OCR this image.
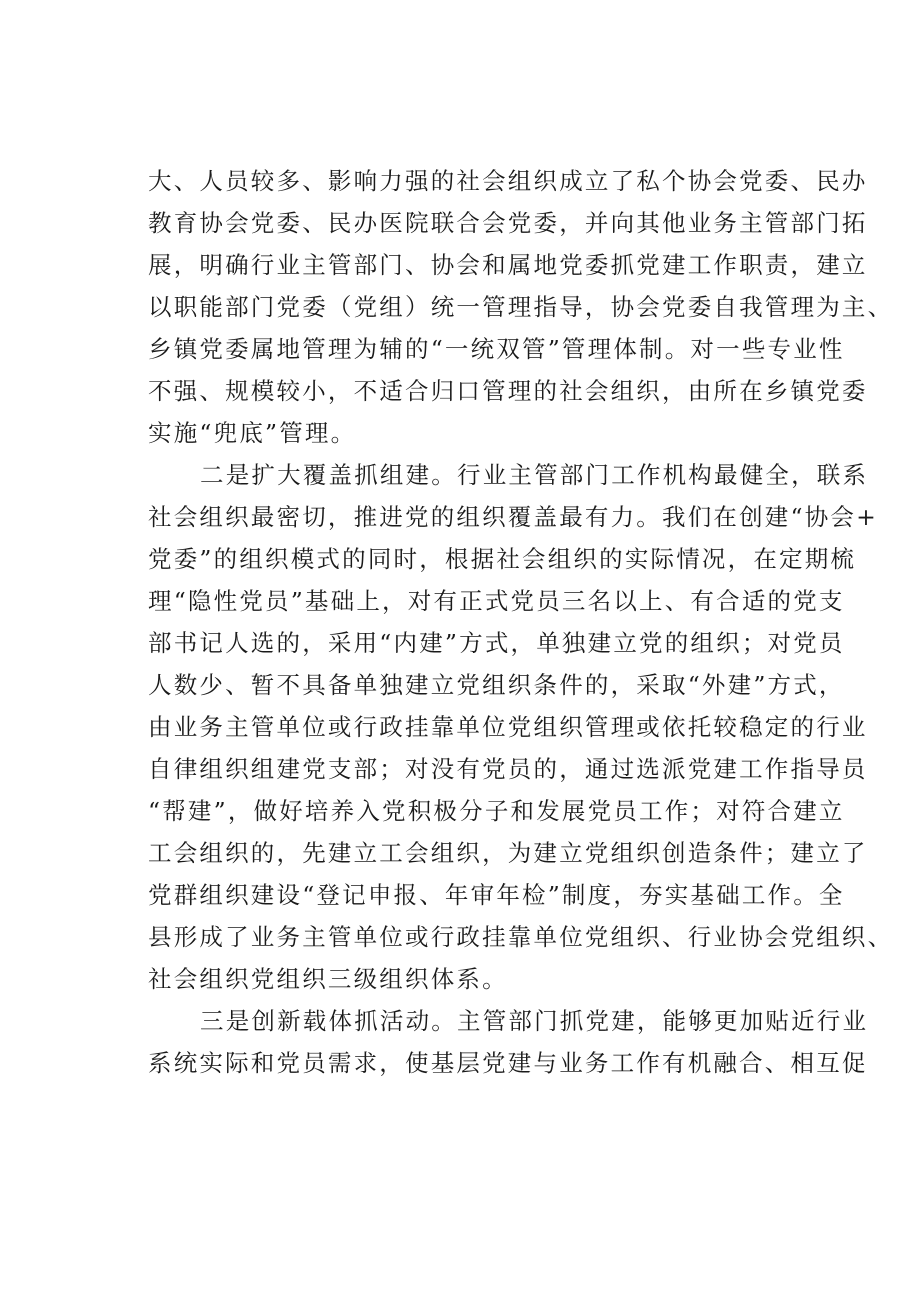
大、人员较多、影响力强的社会组织成立了私个协会党委、民办
教育协会党委、民办医院联合会党委，并向其他业务主管部门拓
展，明确行业主管部门、协会和属地党委抓党建工作职责，建立
以职能部门党委（党组）统一管理指导，协会党委自我管理为主、
乡镇党委属地管理为辅的“一统双管”管理体制。对一些专业性
不强、规模较小，不适合归口管理的社会组织，由所在乡镇党委
实施“兜底”管理。
二是扩大覆盖抓组建。行业主管部门工作机构最健全，联系
社会组织最密切，推进党的组织覆盖最有力。我们在创建“协会+
党委”的组织模式的同时，根据社会组织的实际情况，在定期梳
理“隐性党员”基础上，对有正式党员三名以上、有合适的党支
部书记人选的，采用“内建”方式，单独建立党的组织；对党员
人数少、暂不具备单独建立党组织条件的，采取“外建”方式，
由业务主管单位或行政挂靠单位党组织管理或依托较稳定的行业
自律组织组建党支部；对没有党员的，通过选派党建工作指导员
“帮建”，做好培养入党积极分子和发展党员工作；对符合建立
工会组织的，先建立工会组织，为建立党组织创造条件；建立了
党群组织建设“登记申报、年审年检”制度，夯实基础工作。全
县形成了业务主管单位或行政挂靠单位党组织、行业协会党组织、
社会组织党组织三级组织体系。
三是创新载体抓活动。主管部门抓党建，能够更加贴近行业
系统实际和党员需求，使基层党建与业务工作有机融合、相互促
